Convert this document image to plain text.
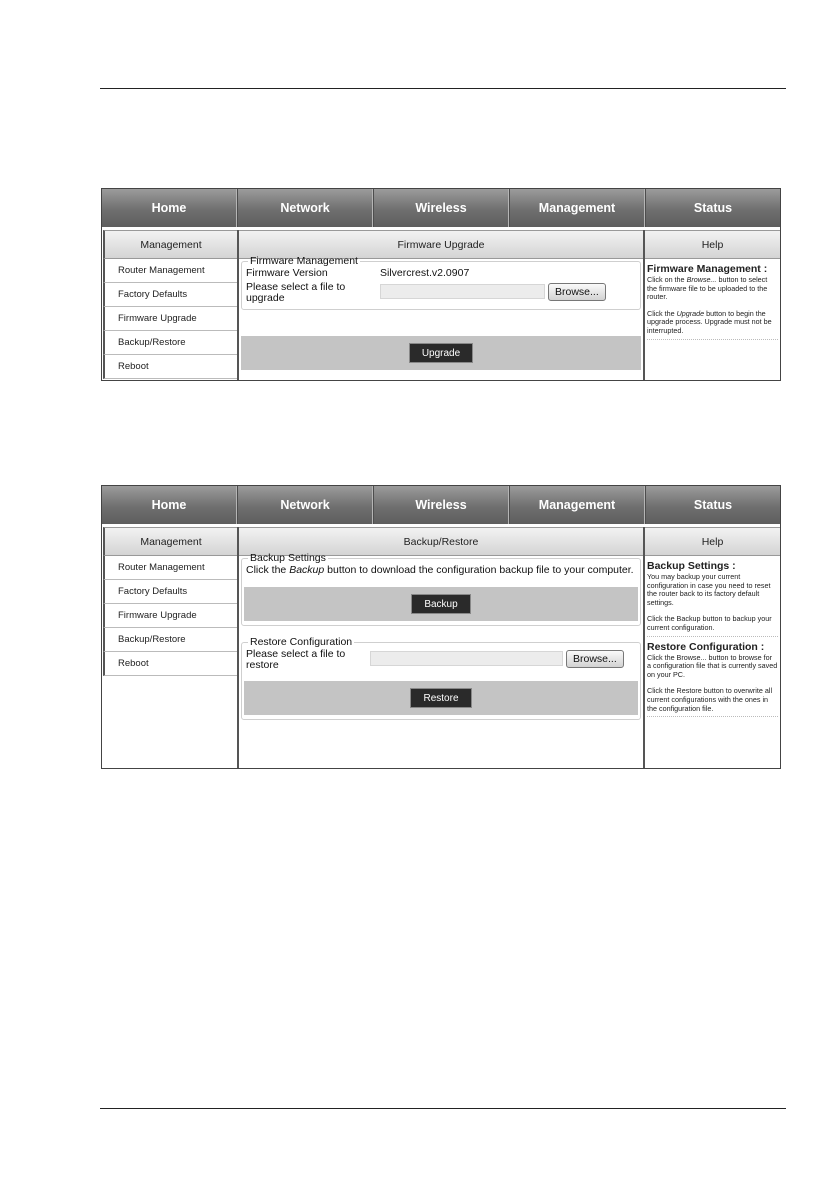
Home	Network	Wireless	Management	Status
Management
Router Management
Factory Defaults
Firmware Upgrade
Backup/Restore
Reboot
Firmware Upgrade
Firmware Management
Firmware Version	Silvercrest.v2.0907
Please select a file to upgrade
Browse...
Upgrade
Help
Firmware Management :

Click on the Browse... button to select the firmware file to be uploaded to the router.

Click the Upgrade button to begin the upgrade process. Upgrade must not be interrupted.

Home	Network	Wireless	Management	Status
Management
Router Management
Factory Defaults
Firmware Upgrade
Backup/Restore
Reboot
Backup/Restore
Backup Settings
Click the Backup button to download the configuration backup file to your computer.
Backup
Restore Configuration
Please select a file to restore
Browse...
Restore
Help
Backup Settings :

You may backup your current configuration in case you need to reset the router back to its factory default settings.

Click the Backup button to backup your current configuration.

Restore Configuration :

Click the Browse... button to browse for a configuration file that is currently saved on your PC.

Click the Restore button to overwrite all current configurations with the ones in the configuration file.
